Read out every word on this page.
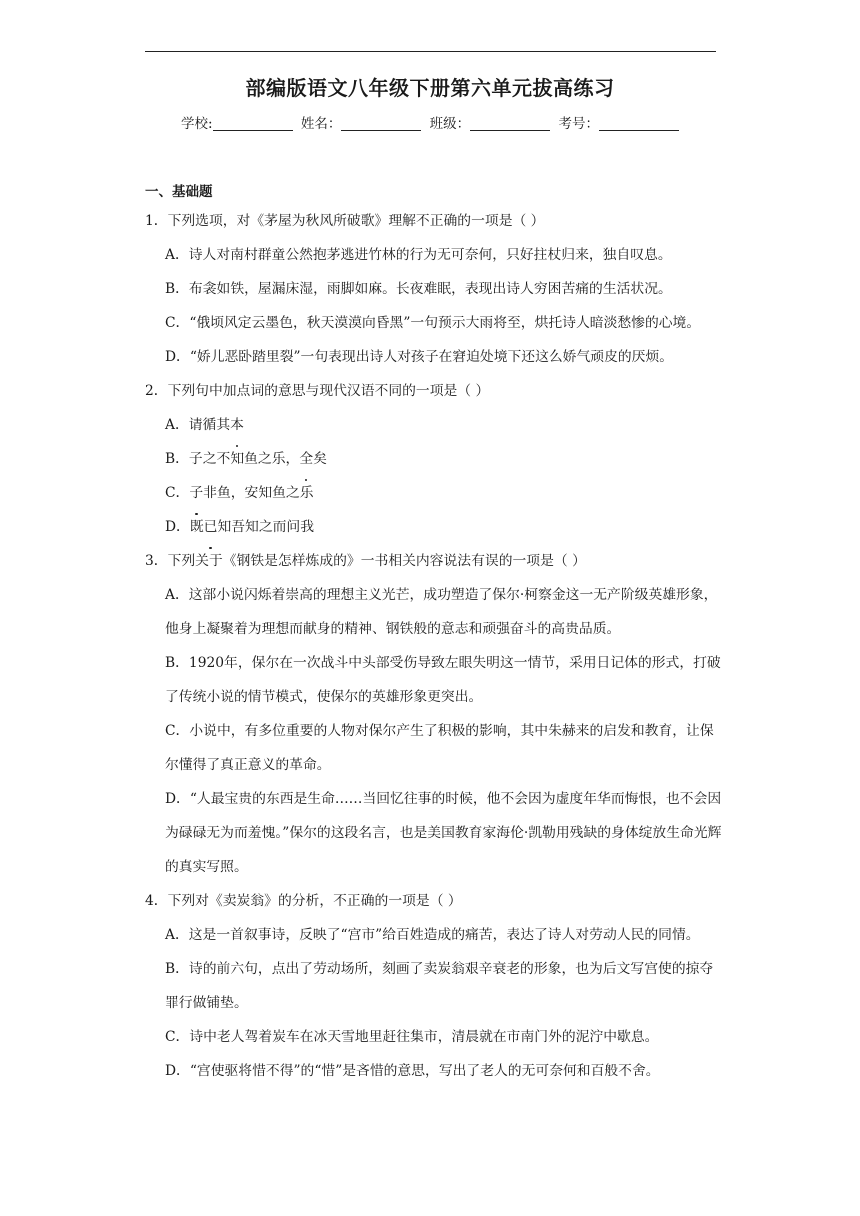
部编版语文八年级下册第六单元拔高练习
学校:	姓名：	班级：	考号：
一、基础题

1．下列选项，对《茅屋为秋风所破歌》理解不正确的一项是（ ）

A．诗人对南村群童公然抱茅逃进竹林的行为无可奈何，只好拄杖归来，独自叹息。

B．布衾如铁，屋漏床湿，雨脚如麻。长夜难眠，表现出诗人穷困苦痛的生活状况。

C．“俄顷风定云墨色，秋天漠漠向昏黑”一句预示大雨将至，烘托诗人暗淡愁惨的心境。

D．“娇儿恶卧踏里裂”一句表现出诗人对孩子在窘迫处境下还这么娇气顽皮的厌烦。

2．下列句中加点词的意思与现代汉语不同的一项是（ ）

A．请循其本

B．子之不知鱼之乐，全矣

C．子非鱼，安知鱼之乐

D．既已知吾知之而问我

3．下列关于《钢铁是怎样炼成的》一书相关内容说法有误的一项是（ ）

A．这部小说闪烁着崇高的理想主义光芒，成功塑造了保尔·柯察金这一无产阶级英雄形象，他身上凝聚着为理想而献身的精神、钢铁般的意志和顽强奋斗的高贵品质。

B．1920年，保尔在一次战斗中头部受伤导致左眼失明这一情节，采用日记体的形式，打破了传统小说的情节模式，使保尔的英雄形象更突出。

C．小说中，有多位重要的人物对保尔产生了积极的影响，其中朱赫来的启发和教育，让保尔懂得了真正意义的革命。

D．“人最宝贵的东西是生命……当回忆往事的时候，他不会因为虚度年华而悔恨，也不会因为碌碌无为而羞愧。”保尔的这段名言，也是美国教育家海伦·凯勒用残缺的身体绽放生命光辉的真实写照。

4．下列对《卖炭翁》的分析，不正确的一项是（ ）

A．这是一首叙事诗，反映了“宫市”给百姓造成的痛苦，表达了诗人对劳动人民的同情。

B．诗的前六句，点出了劳动场所，刻画了卖炭翁艰辛衰老的形象，也为后文写宫使的掠夺罪行做铺垫。

C．诗中老人驾着炭车在冰天雪地里赶往集市，清晨就在市南门外的泥泞中歇息。

D．“宫使驱将惜不得”的“惜”是吝惜的意思，写出了老人的无可奈何和百般不舍。
